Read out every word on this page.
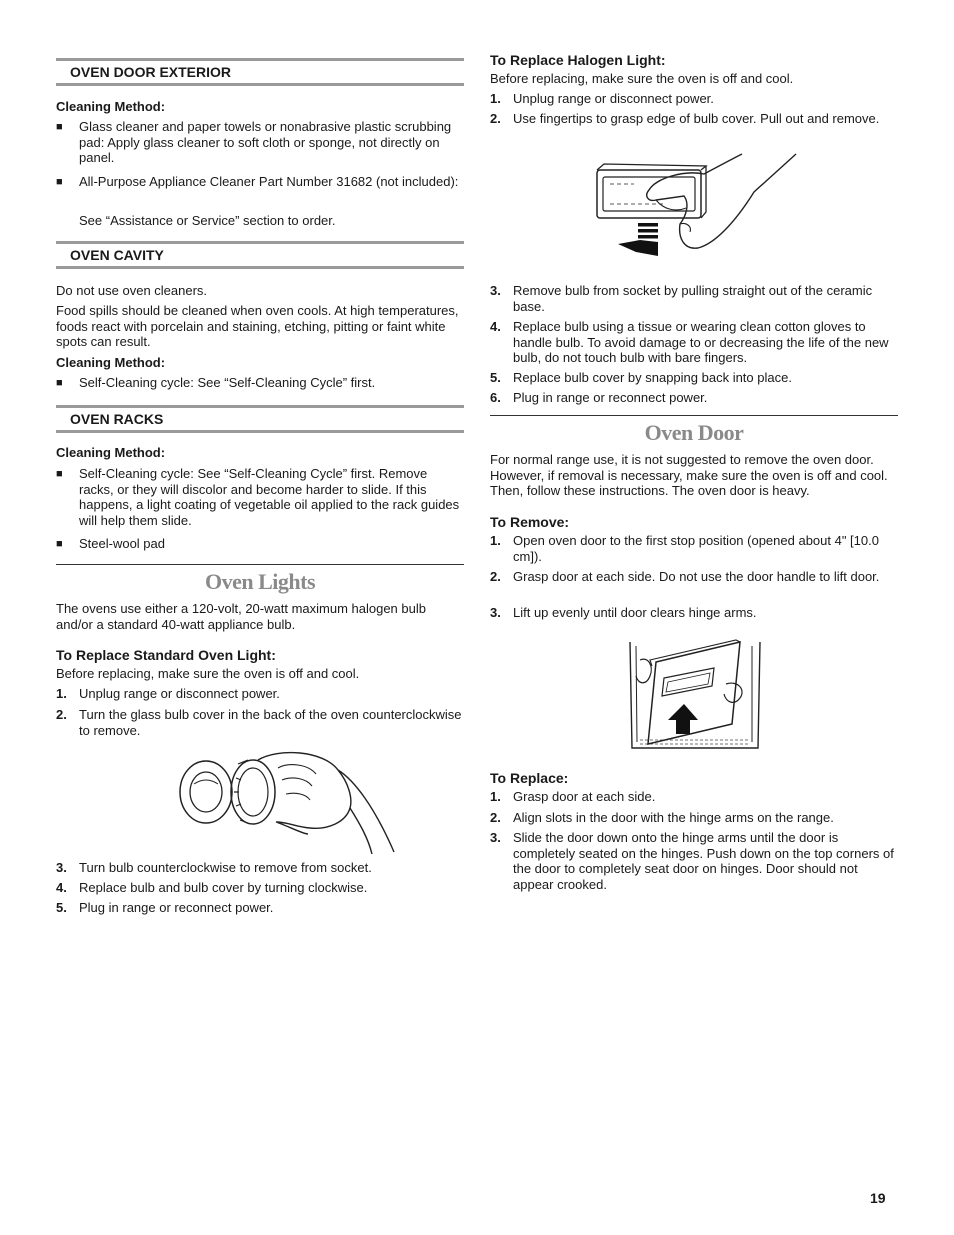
OVEN DOOR EXTERIOR

Cleaning Method:

■ Glass cleaner and paper towels or nonabrasive plastic scrubbing pad: Apply glass cleaner to soft cloth or sponge, not directly on panel.
■ All-Purpose Appliance Cleaner Part Number 31682 (not included):

See “Assistance or Service” section to order.

OVEN CAVITY

Do not use oven cleaners.

Food spills should be cleaned when oven cools. At high temperatures, foods react with porcelain and staining, etching, pitting or faint white spots can result.

Cleaning Method:

■ Self-Cleaning cycle: See “Self-Cleaning Cycle” first.
OVEN RACKS

Cleaning Method:

■ Self-Cleaning cycle: See “Self-Cleaning Cycle” first. Remove racks, or they will discolor and become harder to slide. If this happens, a light coating of vegetable oil applied to the rack guides will help them slide.
■ Steel-wool pad
Oven Lights

The ovens use either a 120-volt, 20-watt maximum halogen bulb and/or a standard 40-watt appliance bulb.

To Replace Standard Oven Light:

Before replacing, make sure the oven is off and cool.

1. Unplug range or disconnect power.
2. Turn the glass bulb cover in the back of the oven counterclockwise to remove.
3. Turn bulb counterclockwise to remove from socket.
4. Replace bulb and bulb cover by turning clockwise.
5. Plug in range or reconnect power.

To Replace Halogen Light:

Before replacing, make sure the oven is off and cool.

1. Unplug range or disconnect power.
2. Use fingertips to grasp edge of bulb cover. Pull out and remove.
3. Remove bulb from socket by pulling straight out of the ceramic base.
4. Replace bulb using a tissue or wearing clean cotton gloves to handle bulb. To avoid damage to or decreasing the life of the new bulb, do not touch bulb with bare fingers.
5. Replace bulb cover by snapping back into place.
6. Plug in range or reconnect power.
Oven Door

For normal range use, it is not suggested to remove the oven door. However, if removal is necessary, make sure the oven is off and cool. Then, follow these instructions. The oven door is heavy.

To Remove:

1. Open oven door to the first stop position (opened about 4" [10.0 cm]).
2. Grasp door at each side. Do not use the door handle to lift door.
3. Lift up evenly until door clears hinge arms.

To Replace:

1. Grasp door at each side.
2. Align slots in the door with the hinge arms on the range.
3. Slide the door down onto the hinge arms until the door is completely seated on the hinges. Push down on the top corners of the door to completely seat door on hinges. Door should not appear crooked.
19
